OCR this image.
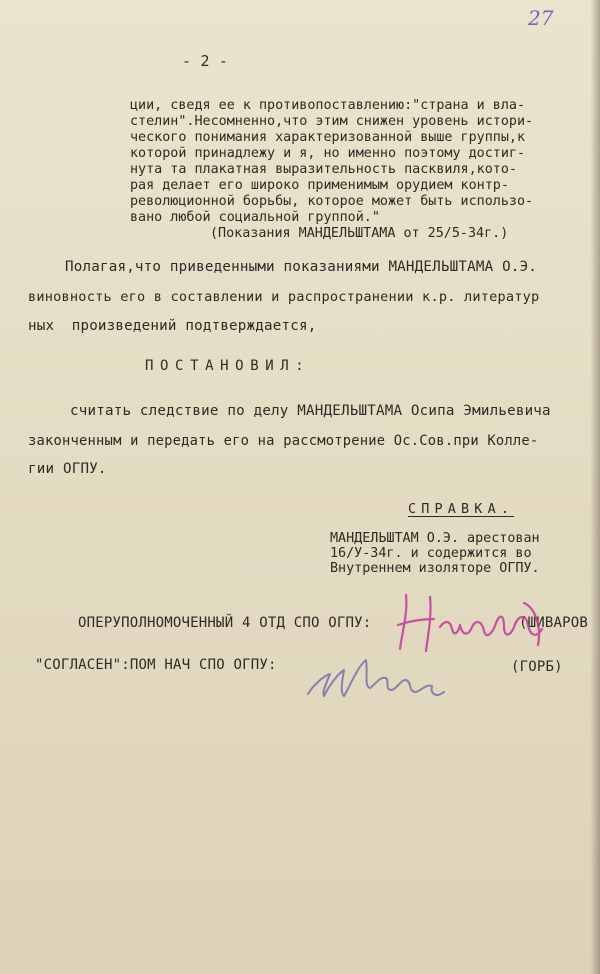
27
- 2 -
ции, сведя ее к противопоставлению:"страна и вла-
стелин".Несомненно,что этим снижен уровень истори-
ческого понимания характеризованной выше группы,к
которой принадлежу и я, но именно поэтому достиг-
нута та плакатная выразительность пасквиля,кото-
рая делает его широко применимым орудием контр-
революционной борьбы, которое может быть использо-
вано любой социальной группой."
(Показания МАНДЕЛЬШТАМА от 25/5-34г.)
Полагая,что приведенными показаниями МАНДЕЛЬШТАМА О.Э.
виновность его в составлении и распространении к.р. литератур
ных  произведений подтверждается,
ПОСТАНОВИЛ:
считать следствие по делу МАНДЕЛЬШТАМА Осипа Эмильевича
законченным и передать его на рассмотрение Ос.Сов.при Колле-
гии ОГПУ.
СПРАВКА.
МАНДЕЛЬШТАМ О.Э. арестован
16/У-34г. и содержится во
Внутреннем изоляторе ОГПУ.
ОПЕРУПОЛНОМОЧЕННЫЙ 4 ОТД СПО ОГПУ:	(ШИВАРОВ
"СОГЛАСЕН":ПОМ НАЧ СПО ОГПУ:	(ГОРБ)
